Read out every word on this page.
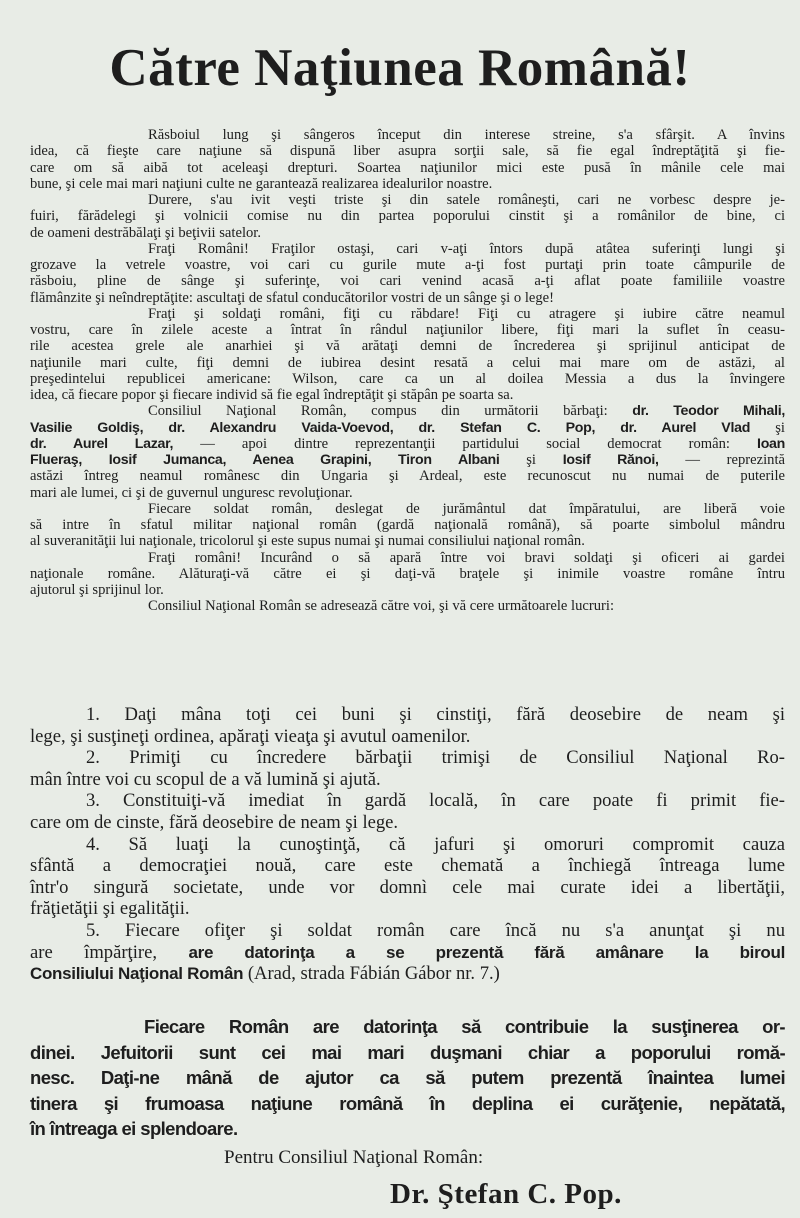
Către Naţiunea Română!
Răsboiul lung şi sângeros început din interese streine, s'a sfârşit. A învins
idea, că fieşte care naţiune să dispună liber asupra sorţii sale, să fie egal îndreptăţită şi fie-
care om să aibă tot aceleaşi drepturi. Soartea naţiunilor mici este pusă în mânile cele mai
bune, şi cele mai mari naţiuni culte ne garantează realizarea idealurilor noastre.
Durere, s'au ivit veşti triste şi din satele româneşti, cari ne vorbesc despre je-
fuiri, fărădelegi şi volnicii comise nu din partea poporului cinstit şi a românilor de bine, ci
de oameni destrăbălaţi şi beţivii satelor.
Fraţi Români! Fraţilor ostaşi, cari v-aţi întors după atâtea suferinţi lungi şi
grozave la vetrele voastre, voi cari cu gurile mute a-ţi fost purtaţi prin toate câmpurile de
răsboiu, pline de sânge şi suferinţe, voi cari venind acasă a-ţi aflat poate familiile voastre
flămânzite şi neîndreptăţite: ascultaţi de sfatul conducătorilor vostri de un sânge şi o lege!
Fraţi şi soldaţi români, fiţi cu răbdare! Fiţi cu atragere şi iubire către neamul
vostru, care în zilele aceste a întrat în rândul naţiunilor libere, fiţi mari la suflet în ceasu-
rile acestea grele ale anarhiei şi vă arătaţi demni de încrederea şi sprijinul anticipat de
naţiunile mari culte, fiţi demni de iubirea desint resată a celui mai mare om de astăzi, al
preşedintelui republicei americane: Wilson, care ca un al doilea Messia a dus la învingere
idea, că fiecare popor şi fiecare individ să fie egal îndreptăţit şi stăpân pe soarta sa.
Consiliul Naţional Român, compus din următorii bărbaţi: dr. Teodor Mihali,
Vasilie Goldiş, dr. Alexandru Vaida-Voevod, dr. Stefan C. Pop, dr. Aurel Vlad şi
dr. Aurel Lazar, — apoi dintre reprezentanţii partidului social democrat român: Ioan
Flueraş, Iosif Jumanca, Aenea Grapini, Tiron Albani şi Iosif Rănoi, — reprezintă
astăzi întreg neamul românesc din Ungaria şi Ardeal, este recunoscut nu numai de puterile
mari ale lumei, ci şi de guvernul unguresc revoluţionar.
Fiecare soldat român, deslegat de jurământul dat împăratului, are liberă voie
să intre în sfatul militar naţional român (gardă naţională română), să poarte simbolul mândru
al suveranităţii lui naţionale, tricolorul şi este supus numai şi numai consiliului naţional român.
Fraţi români! Incurând o să apară între voi bravi soldaţi şi oficeri ai gardei
naţionale române. Alăturaţi-vă către ei şi daţi-vă braţele şi inimile voastre române întru
ajutorul şi sprijinul lor.
Consiliul Naţional Român se adresează către voi, şi vă cere următoarele lucruri:
1. Daţi mâna toţi cei buni şi cinstiţi, fără deosebire de neam şi
lege, şi susţineţi ordinea, apăraţi vieaţa şi avutul oamenilor.
2. Primiţi cu încredere bărbaţii trimişi de Consiliul Naţional Ro-
mân între voi cu scopul de a vă lumină şi ajută.
3. Constituiţi-vă imediat în gardă locală, în care poate fi primit fie-
care om de cinste, fără deosebire de neam şi lege.
4. Să luaţi la cunoştinţă, că jafuri şi omoruri compromit cauza
sfântă a democraţiei nouă, care este chemată a închiegă întreaga lume
într'o singură societate, unde vor domnì cele mai curate idei a libertăţii,
frăţietăţii şi egalităţii.
5. Fiecare ofiţer şi soldat român care încă nu s'a anunţat şi nu
are împărţire, are datorinţa a se prezentă fără amânare la biroul
Consiliului Naţional Român (Arad, strada Fábián Gábor nr. 7.)
Fiecare Român are datorinţa să contribuie la susţinerea or-
dinei. Jefuitorii sunt cei mai mari duşmani chiar a poporului romă-
nesc. Daţi-ne mână de ajutor ca să putem prezentă înaintea lumei
tinera şi frumoasa naţiune română în deplina ei curăţenie, nepătată,
în întreaga ei splendoare.
Pentru Consiliul Naţional Român:
Dr. Ştefan C. Pop.
